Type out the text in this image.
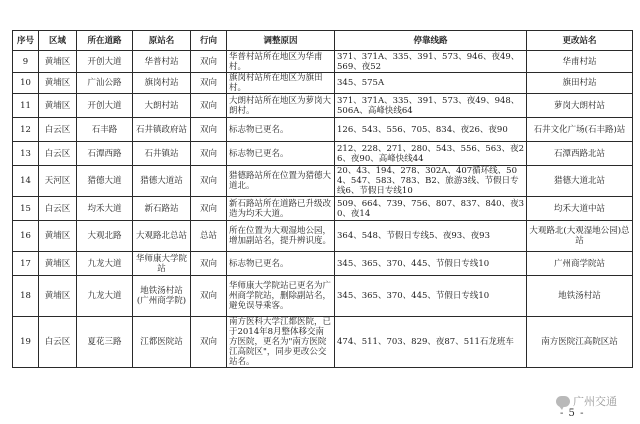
序号	区域	所在道路	原站名	行向	调整原因	停靠线路	更改站名
9	黄埔区	开创大道	华普村站	双向	华普村站所在地区为华甫村。	371、371A、335、391、573、946、夜49、569、夜52	华甫村站
10	黄埔区	广汕公路	旗岗村站	双向	旗岗村站所在地区为旗田村。	345、575A	旗田村站
11	黄埔区	开创大道	大朗村站	双向	大朗村站所在地区为萝岗大朗村。	371、371A、335、391、573、夜49、948、506A、高峰快线64	萝岗大朗村站
12	白云区	石丰路	石井镇政府站	双向	标志物已更名。	126、543、556、705、834、夜26、夜90	石井文化广场(石丰路)站
13	白云区	石潭西路	石井镇站	双向	标志物已更名。	212、228、271、280、543、556、563、夜26、夜90、高峰快线44	石潭西路北站
14	天河区	猎德大道	猎德大道站	双向	猎德路站所在位置为猎德大道北。	20、43、194、278、302A、407循环线、504、547、583、783、B2、旅游3线、节假日专线6、节假日专线10	猎德大道北站
15	白云区	均禾大道	新石路站	双向	新石路站所在道路已升级改造为均禾大道。	509、664、739、756、807、837、840、夜30、夜14	均禾大道中站
16	黄埔区	大观北路	大观路北总站	总站	所在位置为大观湿地公园，增加副站名，提升辨识度。	364、548、节假日专线5、夜93、夜93	大观路北(大观湿地公园)总站
17	黄埔区	九龙大道	华师康大学院站	双向	标志物已更名。	345、365、370、445、节假日专线10	广州商学院站
18	黄埔区	九龙大道	地铁汤村站(广州商学院)	双向	华师康大学院站已更名为广州商学院站，删除副站名，避免误导乘客。	345、365、370、445、节假日专线10	地铁汤村站
19	白云区	夏花三路	江都医院站	双向	南方医科大学江都医院，已于2014年8月整体移交南方医院，更名为"南方医院江高院区"，同步更改公交站名。	474、511、703、829、夜87、511石龙班车	南方医院江高院区站
广州交通
- 5 -
